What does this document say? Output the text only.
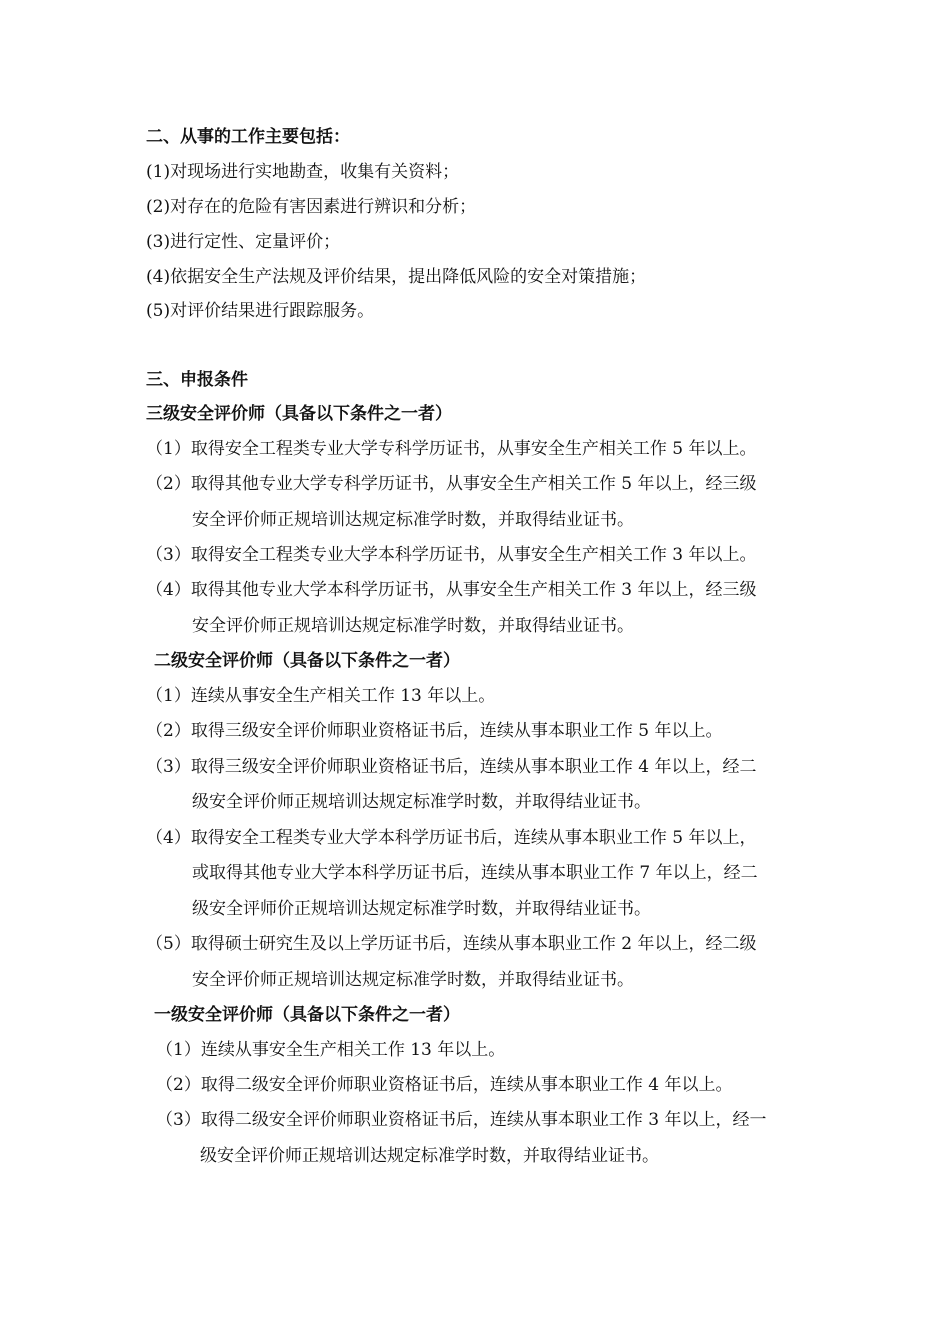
二、从事的工作主要包括：
(1)对现场进行实地勘查，收集有关资料；
(2)对存在的危险有害因素进行辨识和分析；
(3)进行定性、定量评价；
(4)依据安全生产法规及评价结果，提出降低风险的安全对策措施；
(5)对评价结果进行跟踪服务。
三、申报条件
三级安全评价师（具备以下条件之一者）
（1）取得安全工程类专业大学专科学历证书，从事安全生产相关工作 5 年以上。
（2）取得其他专业大学专科学历证书，从事安全生产相关工作 5 年以上，经三级
安全评价师正规培训达规定标准学时数，并取得结业证书。
（3）取得安全工程类专业大学本科学历证书，从事安全生产相关工作 3 年以上。
（4）取得其他专业大学本科学历证书，从事安全生产相关工作 3 年以上，经三级
安全评价师正规培训达规定标准学时数，并取得结业证书。
二级安全评价师（具备以下条件之一者）
（1）连续从事安全生产相关工作 13 年以上。
（2）取得三级安全评价师职业资格证书后，连续从事本职业工作 5 年以上。
（3）取得三级安全评价师职业资格证书后，连续从事本职业工作 4 年以上，经二
级安全评价师正规培训达规定标准学时数，并取得结业证书。
（4）取得安全工程类专业大学本科学历证书后，连续从事本职业工作 5 年以上，
或取得其他专业大学本科学历证书后，连续从事本职业工作 7 年以上，经二
级安全评师价正规培训达规定标准学时数，并取得结业证书。
（5）取得硕士研究生及以上学历证书后，连续从事本职业工作 2 年以上，经二级
安全评价师正规培训达规定标准学时数，并取得结业证书。
一级安全评价师（具备以下条件之一者）
（1）连续从事安全生产相关工作 13 年以上。
（2）取得二级安全评价师职业资格证书后，连续从事本职业工作 4 年以上。
（3）取得二级安全评价师职业资格证书后，连续从事本职业工作 3 年以上，经一
级安全评价师正规培训达规定标准学时数，并取得结业证书。
